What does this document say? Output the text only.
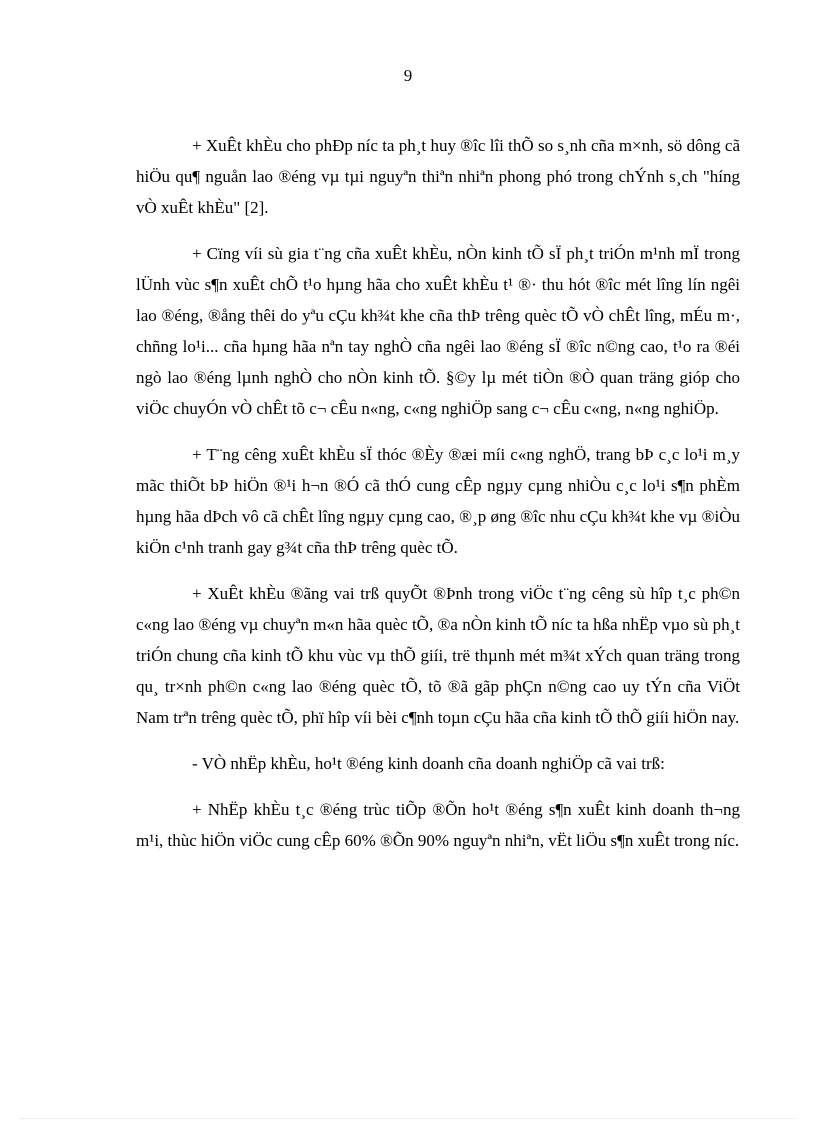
9

+ XuÊt khÈu cho phÐp níc ta ph¸t huy ®îc lîi thÕ so s¸nh cña m×nh, sö dông cã hiÖu qu¶ nguån lao ®éng vµ tµi nguyªn thiªn nhiªn phong phó trong chÝnh s¸ch "híng vÒ xuÊt khÈu" [2].

+ Cïng víi sù gia t¨ng cña xuÊt khÈu, nÒn kinh tÕ sÏ ph¸t triÓn m¹nh mÏ trong lÜnh vùc s¶n xuÊt chÕ t¹o hµng hãa cho xuÊt khÈu t¹ ®· thu hót ®îc mét lîng lín ngêi lao ®éng, ®ång thêi do yªu cÇu kh¾t khe cña thÞ trêng quèc tÕ vÒ chÊt lîng, mÉu m·, chñng lo¹i... cña hµng hãa nªn tay nghÒ cña ngêi lao ®éng sÏ ®îc n©ng cao, t¹o ra ®éi ngò lao ®éng lµnh nghÒ cho nÒn kinh tÕ. §©y lµ mét tiÒn ®Ò quan träng gióp cho viÖc chuyÓn vÒ chÊt tõ c¬ cÊu n«ng, c«ng nghiÖp sang c¬ cÊu c«ng, n«ng nghiÖp.

+ T¨ng cêng xuÊt khÈu sÏ thóc ®Èy ®æi míi c«ng nghÖ, trang bÞ c¸c lo¹i m¸y mãc thiÕt bÞ hiÖn ®¹i h¬n ®Ó cã thÓ cung cÊp ngµy cµng nhiÒu c¸c lo¹i s¶n phÈm hµng hãa dÞch vô cã chÊt lîng ngµy cµng cao, ®¸p øng ®îc nhu cÇu kh¾t khe vµ ®iÒu kiÖn c¹nh tranh gay g¾t cña thÞ trêng quèc tÕ.

+ XuÊt khÈu ®ãng vai trß quyÕt ®Þnh trong viÖc t¨ng cêng sù hîp t¸c ph©n c«ng lao ®éng vµ chuyªn m«n hãa quèc tÕ, ®a nÒn kinh tÕ níc ta hßa nhËp vµo sù ph¸t triÓn chung cña kinh tÕ khu vùc vµ thÕ giíi, trë thµnh mét m¾t xÝch quan träng trong qu¸ tr×nh ph©n c«ng lao ®éng quèc tÕ, tõ ®ã gãp phÇn n©ng cao uy tÝn cña ViÖt Nam trªn trêng quèc tÕ, phï hîp víi bèi c¶nh toµn cÇu hãa cña kinh tÕ thÕ giíi hiÖn nay.

- VÒ nhËp khÈu, ho¹t ®éng kinh doanh cña doanh nghiÖp cã vai trß:

+ NhËp khÈu t¸c ®éng trùc tiÕp ®Õn ho¹t ®éng s¶n xuÊt kinh doanh th¬ng m¹i, thùc hiÖn viÖc cung cÊp 60% ®Õn 90% nguyªn nhiªn, vËt liÖu s¶n xuÊt trong níc.
